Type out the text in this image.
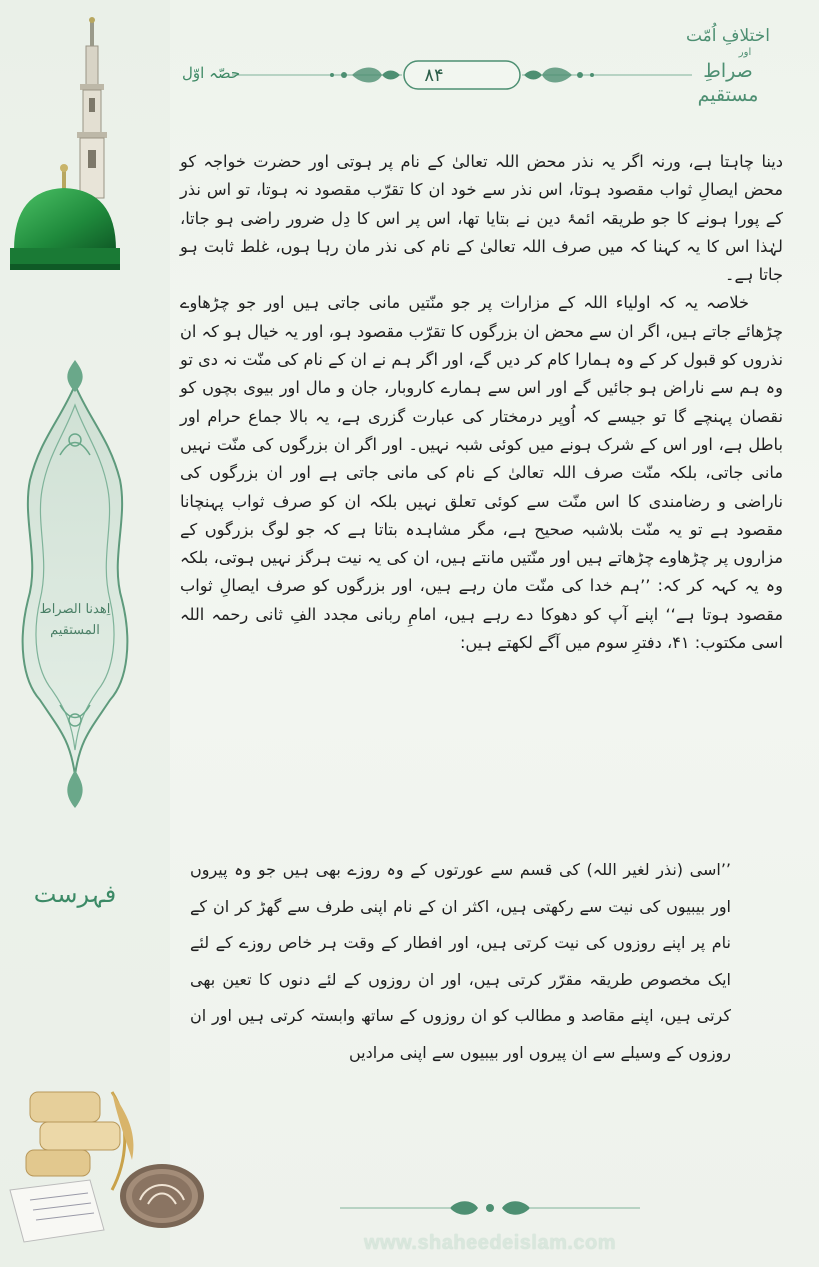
اِھدنا الصراط المستقیم
فہرست
اختلافِ اُمّت
اور
صراطِ مستقیم
۸۴
حصّہ اوّل

دینا چاہتا ہے، ورنہ اگر یہ نذر محض اللہ تعالیٰ کے نام پر ہوتی اور حضرت خواجہ کو محض ایصالِ ثواب مقصود ہوتا، اس نذر سے خود ان کا تقرّب مقصود نہ ہوتا، تو اس نذر کے پورا ہونے کا جو طریقہ ائمۂ دین نے بتایا تھا، اس پر اس کا دِل ضرور راضی ہو جاتا، لہٰذا اس کا یہ کہنا کہ میں صرف اللہ تعالیٰ کے نام کی نذر مان رہا ہوں، غلط ثابت ہو جاتا ہے۔

خلاصہ یہ کہ اولیاء اللہ کے مزارات پر جو منّتیں مانی جاتی ہیں اور جو چڑھاوے چڑھائے جاتے ہیں، اگر ان سے محض ان بزرگوں کا تقرّب مقصود ہو، اور یہ خیال ہو کہ ان نذروں کو قبول کر کے وہ ہمارا کام کر دیں گے، اور اگر ہم نے ان کے نام کی منّت نہ دی تو وہ ہم سے ناراض ہو جائیں گے اور اس سے ہمارے کاروبار، جان و مال اور بیوی بچوں کو نقصان پہنچے گا تو جیسے کہ اُوپر درمختار کی عبارت گزری ہے، یہ بالا جماع حرام اور باطل ہے، اور اس کے شرک ہونے میں کوئی شبہ نہیں۔ اور اگر ان بزرگوں کی منّت نہیں مانی جاتی، بلکہ منّت صرف اللہ تعالیٰ کے نام کی مانی جاتی ہے اور ان بزرگوں کی ناراضی و رضامندی کا اس منّت سے کوئی تعلق نہیں بلکہ ان کو صرف ثواب پہنچانا مقصود ہے تو یہ منّت بلاشبہ صحیح ہے، مگر مشاہدہ بتاتا ہے کہ جو لوگ بزرگوں کے مزاروں پر چڑھاوے چڑھاتے ہیں اور منّتیں مانتے ہیں، ان کی یہ نیت ہرگز نہیں ہوتی، بلکہ وہ یہ کہہ کر کہ: ’’ہم خدا کی منّت مان رہے ہیں، اور بزرگوں کو صرف ایصالِ ثواب مقصود ہوتا ہے‘‘ اپنے آپ کو دھوکا دے رہے ہیں، امامِ ربانی مجدد الفِ ثانی رحمہ اللہ اسی مکتوب: ۴۱، دفترِ سوم میں آگے لکھتے ہیں:

’’اسی (نذر لغیر اللہ) کی قسم سے عورتوں کے وہ روزے بھی ہیں جو وہ پیروں اور بیبیوں کی نیت سے رکھتی ہیں، اکثر ان کے نام اپنی طرف سے گھڑ کر ان کے نام پر اپنے روزوں کی نیت کرتی ہیں، اور افطار کے وقت ہر خاص روزے کے لئے ایک مخصوص طریقہ مقرّر کرتی ہیں، اور ان روزوں کے لئے دنوں کا تعین بھی کرتی ہیں، اپنے مقاصد و مطالب کو ان روزوں کے ساتھ وابستہ کرتی ہیں اور ان روزوں کے وسیلے سے ان پیروں اور بیبیوں سے اپنی مرادیں

www.shaheedeislam.com
